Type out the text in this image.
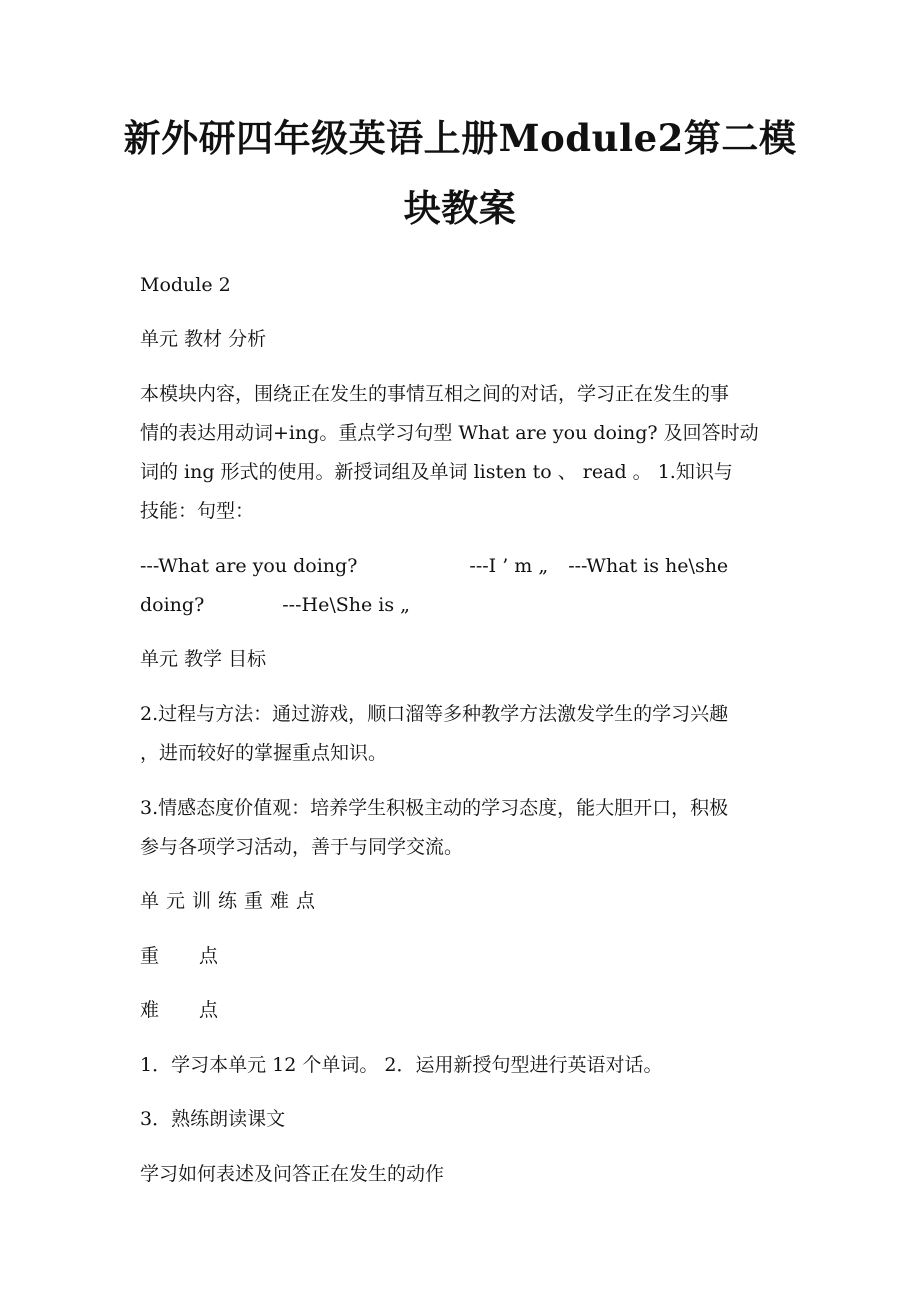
新外研四年级英语上册Module2第二模
块教案
Module 2
单元 教材 分析
本模块内容，围绕正在发生的事情互相之间的对话，学习正在发生的事
情的表达用动词+ing。重点学习句型 What are you doing? 及回答时动
词的 ing 形式的使用。新授词组及单词 listen to 、 read 。 1.知识与
技能：句型：
---What are you doing?	---I ’ m „ ---What is he\she
doing?	---He\She is „
单元 教学 目标
2.过程与方法：通过游戏，顺口溜等多种教学方法激发学生的学习兴趣
，进而较好的掌握重点知识。
3.情感态度价值观：培养学生积极主动的学习态度，能大胆开口，积极
参与各项学习活动，善于与同学交流。
单元训练重难点
重 点
难 点
1．学习本单元 12 个单词。 2．运用新授句型进行英语对话。
3．熟练朗读课文
学习如何表述及问答正在发生的动作
